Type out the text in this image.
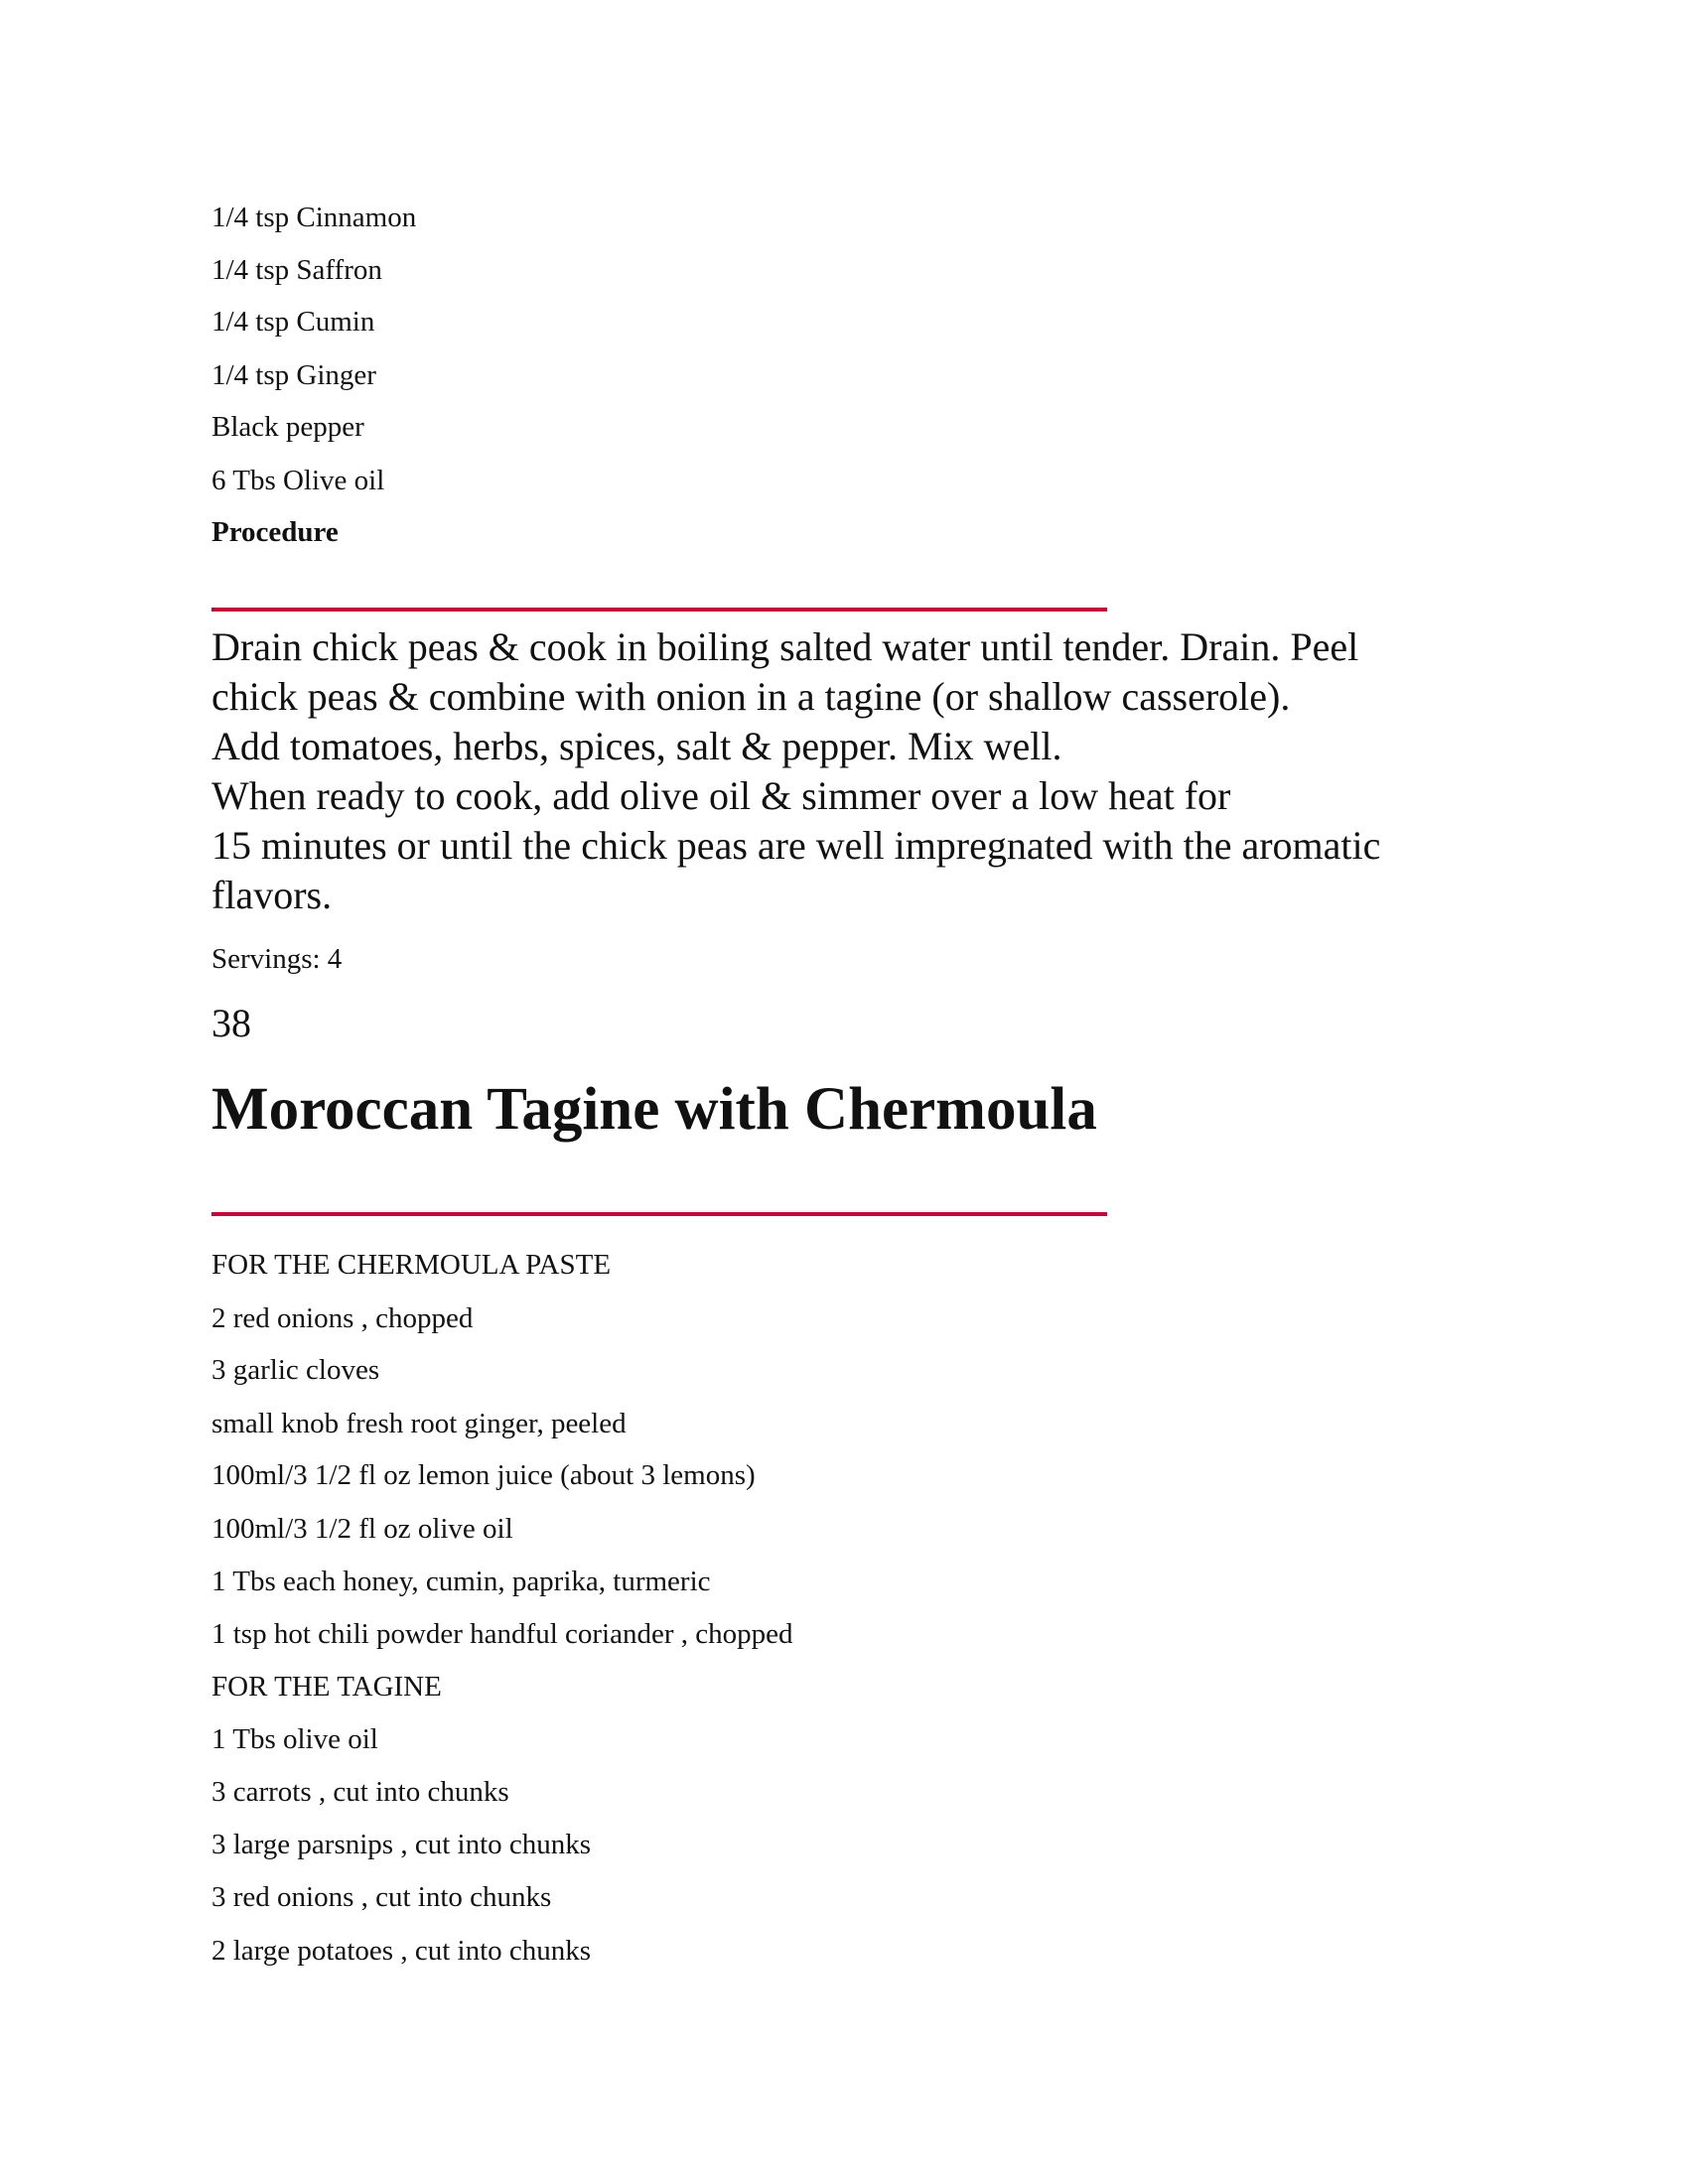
1/4 tsp Cinnamon
1/4 tsp Saffron
1/4 tsp Cumin
1/4 tsp Ginger
Black pepper
6 Tbs Olive oil
Procedure
Drain chick peas & cook in boiling salted water until tender. Drain. Peel
chick peas & combine with onion in a tagine (or shallow casserole).
Add tomatoes, herbs, spices, salt & pepper. Mix well.
When ready to cook, add olive oil & simmer over a low heat for
15 minutes or until the chick peas are well impregnated with the aromatic
flavors.
Servings: 4
38
Moroccan Tagine with Chermoula
FOR THE CHERMOULA PASTE
2 red onions , chopped
3 garlic cloves
small knob fresh root ginger, peeled
100ml/3 1/2 fl oz lemon juice (about 3 lemons)
100ml/3 1/2 fl oz olive oil
1 Tbs each honey, cumin, paprika, turmeric
1 tsp hot chili powder handful coriander , chopped
FOR THE TAGINE
1 Tbs olive oil
3 carrots , cut into chunks
3 large parsnips , cut into chunks
3 red onions , cut into chunks
2 large potatoes , cut into chunks
